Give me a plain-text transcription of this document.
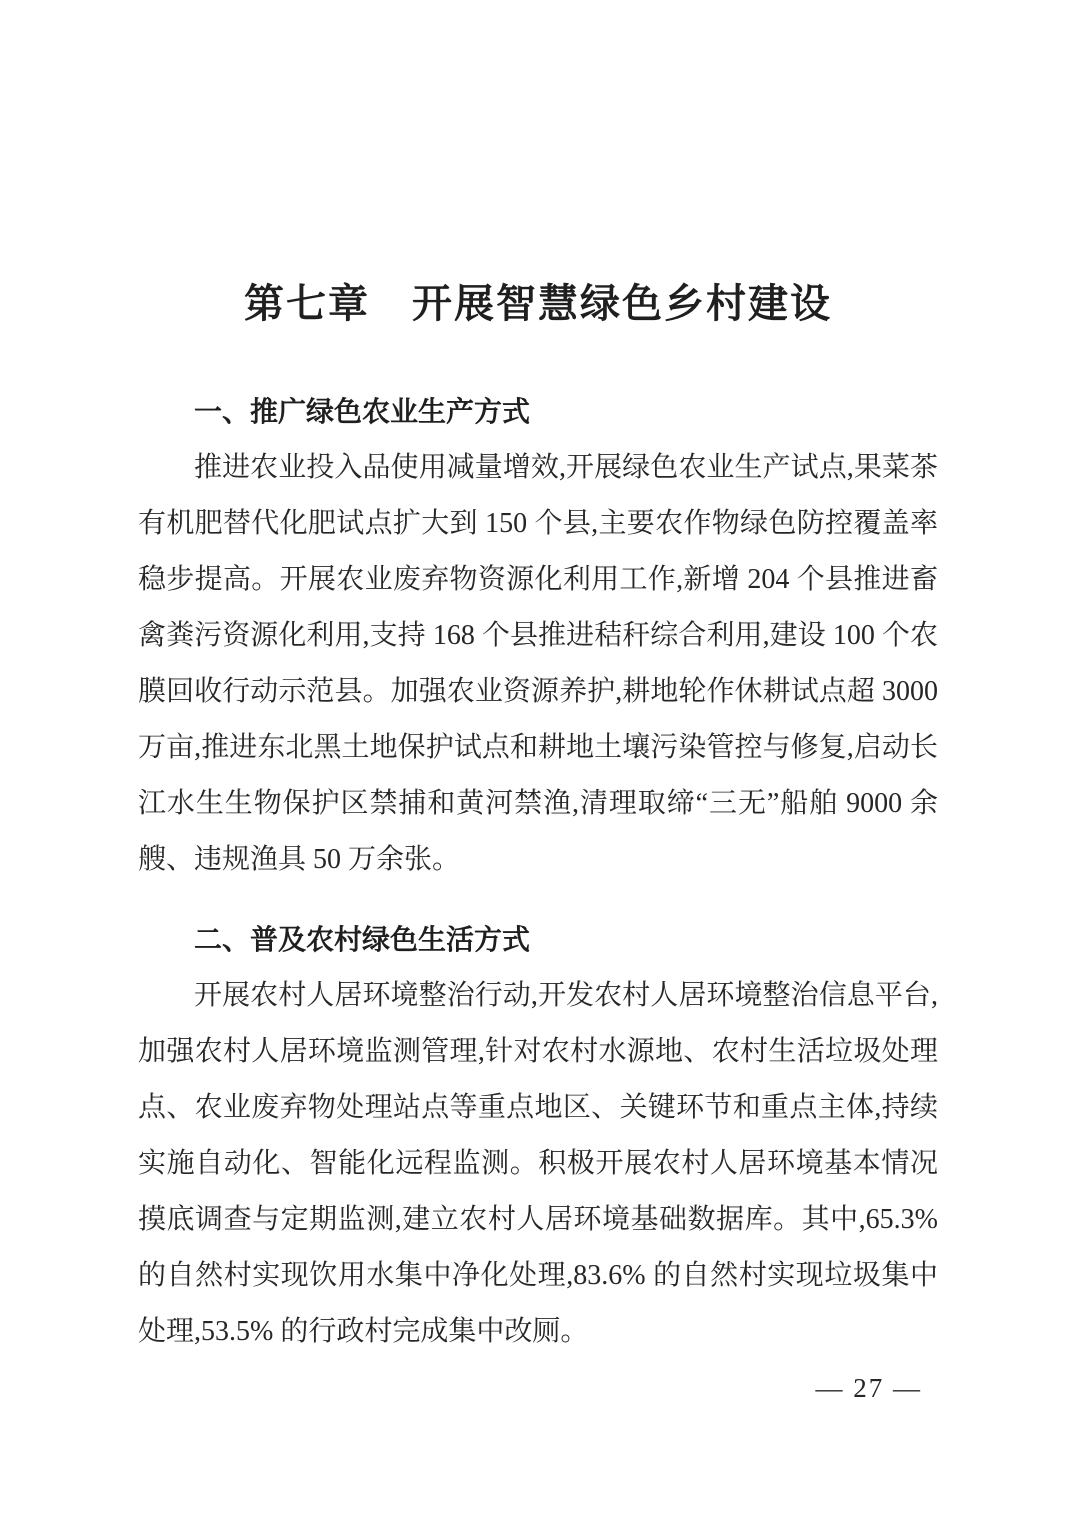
第七章　开展智慧绿色乡村建设
一、推广绿色农业生产方式

推进农业投入品使用减量增效,开展绿色农业生产试点,果菜茶有机肥替代化肥试点扩大到 150 个县,主要农作物绿色防控覆盖率稳步提高。开展农业废弃物资源化利用工作,新增 204 个县推进畜禽粪污资源化利用,支持 168 个县推进秸秆综合利用,建设 100 个农膜回收行动示范县。加强农业资源养护,耕地轮作休耕试点超 3000 万亩,推进东北黑土地保护试点和耕地土壤污染管控与修复,启动长江水生生物保护区禁捕和黄河禁渔,清理取缔“三无”船舶 9000 余艘、违规渔具 50 万余张。

二、普及农村绿色生活方式

开展农村人居环境整治行动,开发农村人居环境整治信息平台,加强农村人居环境监测管理,针对农村水源地、农村生活垃圾处理点、农业废弃物处理站点等重点地区、关键环节和重点主体,持续实施自动化、智能化远程监测。积极开展农村人居环境基本情况摸底调查与定期监测,建立农村人居环境基础数据库。其中,65.3% 的自然村实现饮用水集中净化处理,83.6% 的自然村实现垃圾集中处理,53.5% 的行政村完成集中改厕。

— 27 —
